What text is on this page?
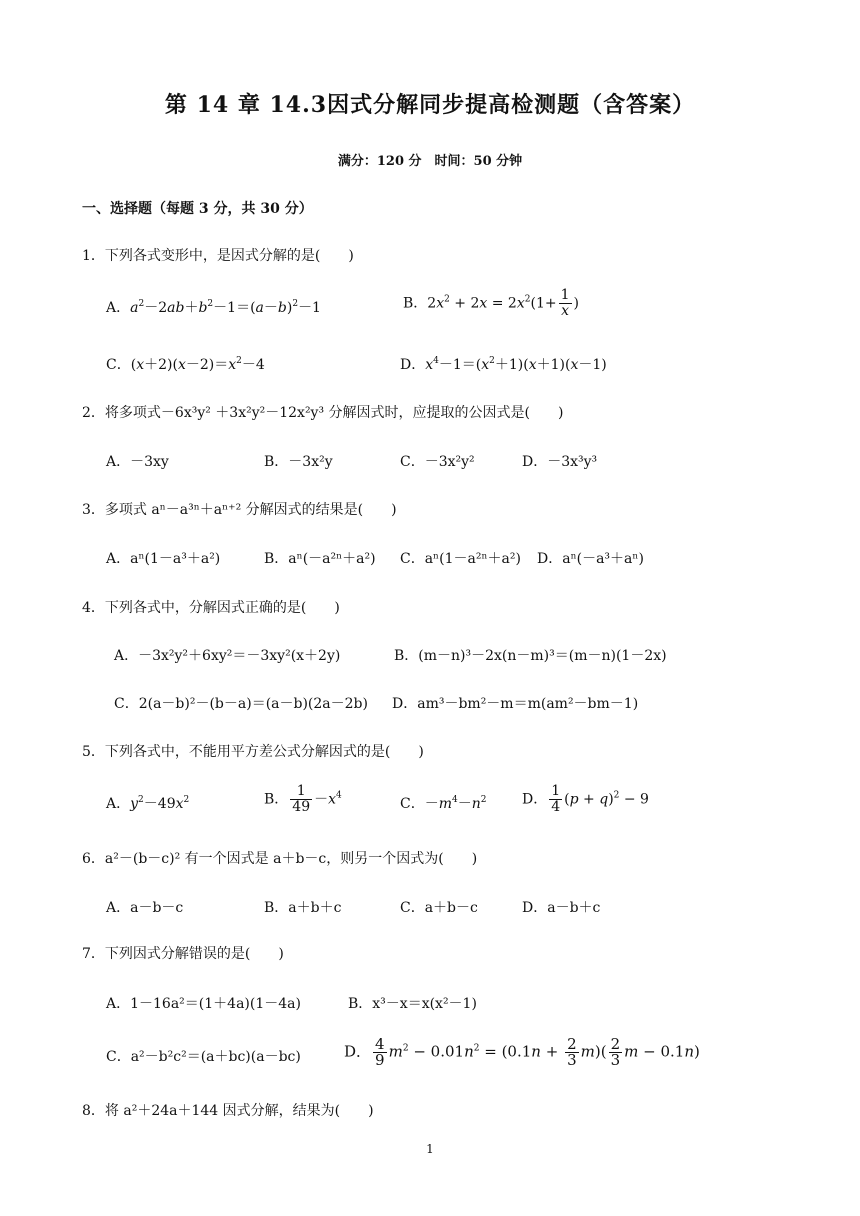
第 14 章 14.3因式分解同步提高检测题（含答案）
满分：120 分　时间：50 分钟
一、选择题（每题 3 分，共 30 分）
1．下列各式变形中，是因式分解的是(　　)
A．$a^2-2ab+b^2-1=(a-b)^2-1$	B．$2x^2 + 2x = 2x^2(1+ \frac{1}{x}$ )
C．$(x+2)(x-2)=x^2-4$	D．$x^4-1=(x^2+1)(x+1)(x-1)$
2．将多项式－6x³y² ＋3x²y²－12x²y³ 分解因式时，应提取的公因式是(　　)
A．－3xy	B．－3x²y	C．－3x²y²	D．－3x³y³
3．多项式 aⁿ－a³ⁿ＋aⁿ⁺² 分解因式的结果是(　　)
A．aⁿ(1－a³＋a²)	B．aⁿ(－a²ⁿ＋a²) C．aⁿ(1－a²ⁿ＋a²) D．aⁿ(－a³＋aⁿ)
4．下列各式中，分解因式正确的是(　　)
A．－3x²y²＋6xy²＝－3xy²(x＋2y)	B．(m－n)³－2x(n－m)³＝(m－n)(1－2x)
C．2(a－b)²－(b－a)＝(a－b)(2a－2b) D．am³－bm²－m＝m(am²－bm－1)
5．下列各式中，不能用平方差公式分解因式的是(　　)
A．$y^2-49x^2$	B． $\frac{1}{49} -x^4$
C．$-m^4-n^2$	D． $\frac{1}{4} (p + q)^2 - 9$
6．a²－(b－c)² 有一个因式是 a＋b－c，则另一个因式为(　　)
A．a－b－c	B．a＋b＋c	C．a＋b－c	D．a－b＋c
7．下列因式分解错误的是(　　)
A．1－16a²＝(1＋4a)(1－4a)	B．x³－x＝x(x²－1)
C．a²－b²c²＝(a＋bc)(a－bc)	D． $\frac{4}{9} m^2 - 0.01n^2 = (0.1n + \frac{2}{3} m)( \frac{2}{3}$ m − 0.1n)
8．将 a²＋24a＋144 因式分解，结果为(　　)
1
